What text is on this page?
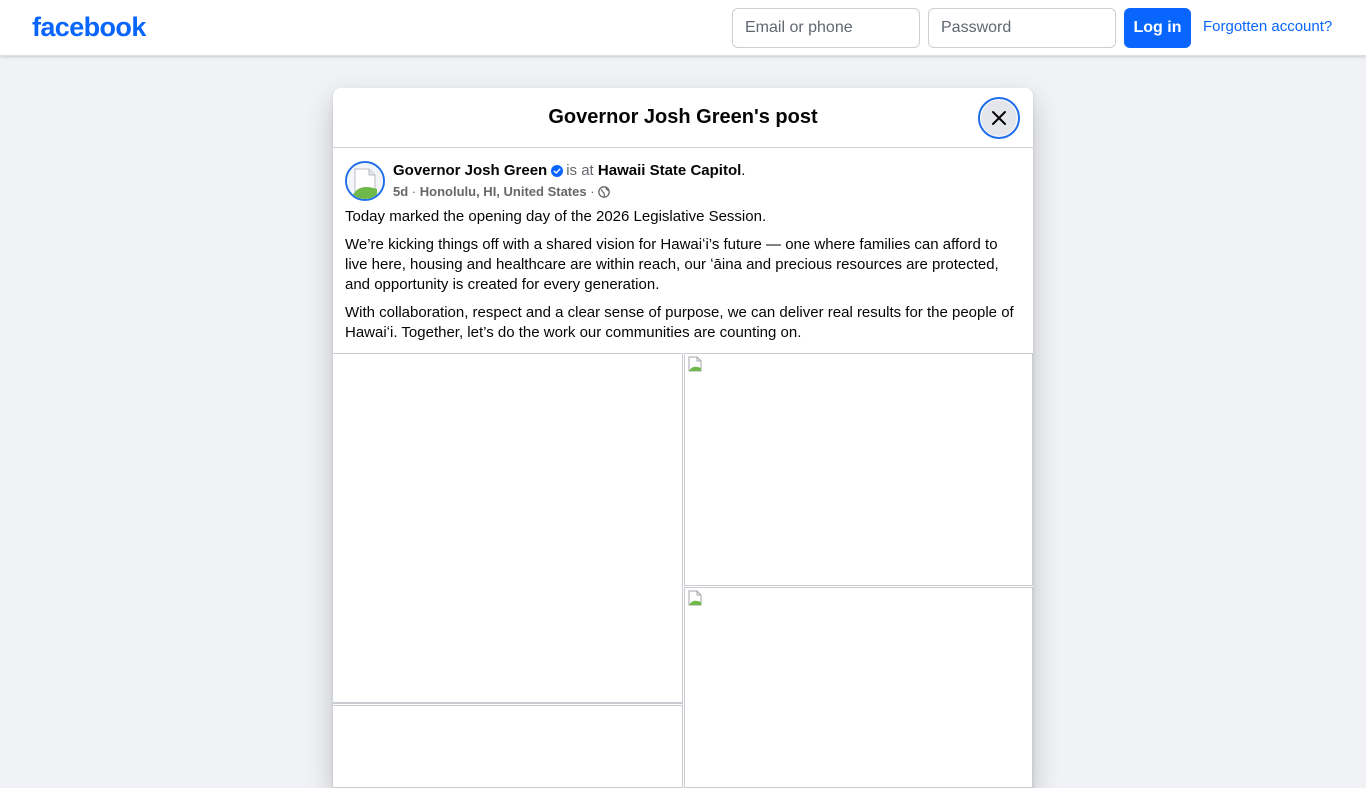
facebook
Email or phone	Log in	Forgotten account?
Governor Josh Green's post
Governor Josh Green is at Hawaii State Capitol.
5d · Honolulu, HI, United States ·

Today marked the opening day of the 2026 Legislative Session.

We’re kicking things off with a shared vision for Hawaiʻi’s future — one where families can afford to live here, housing and healthcare are within reach, our ʻāina and precious resources are protected, and opportunity is created for every generation.

With collaboration, respect and a clear sense of purpose, we can deliver real results for the people of Hawaiʻi. Together, let’s do the work our communities are counting on.
